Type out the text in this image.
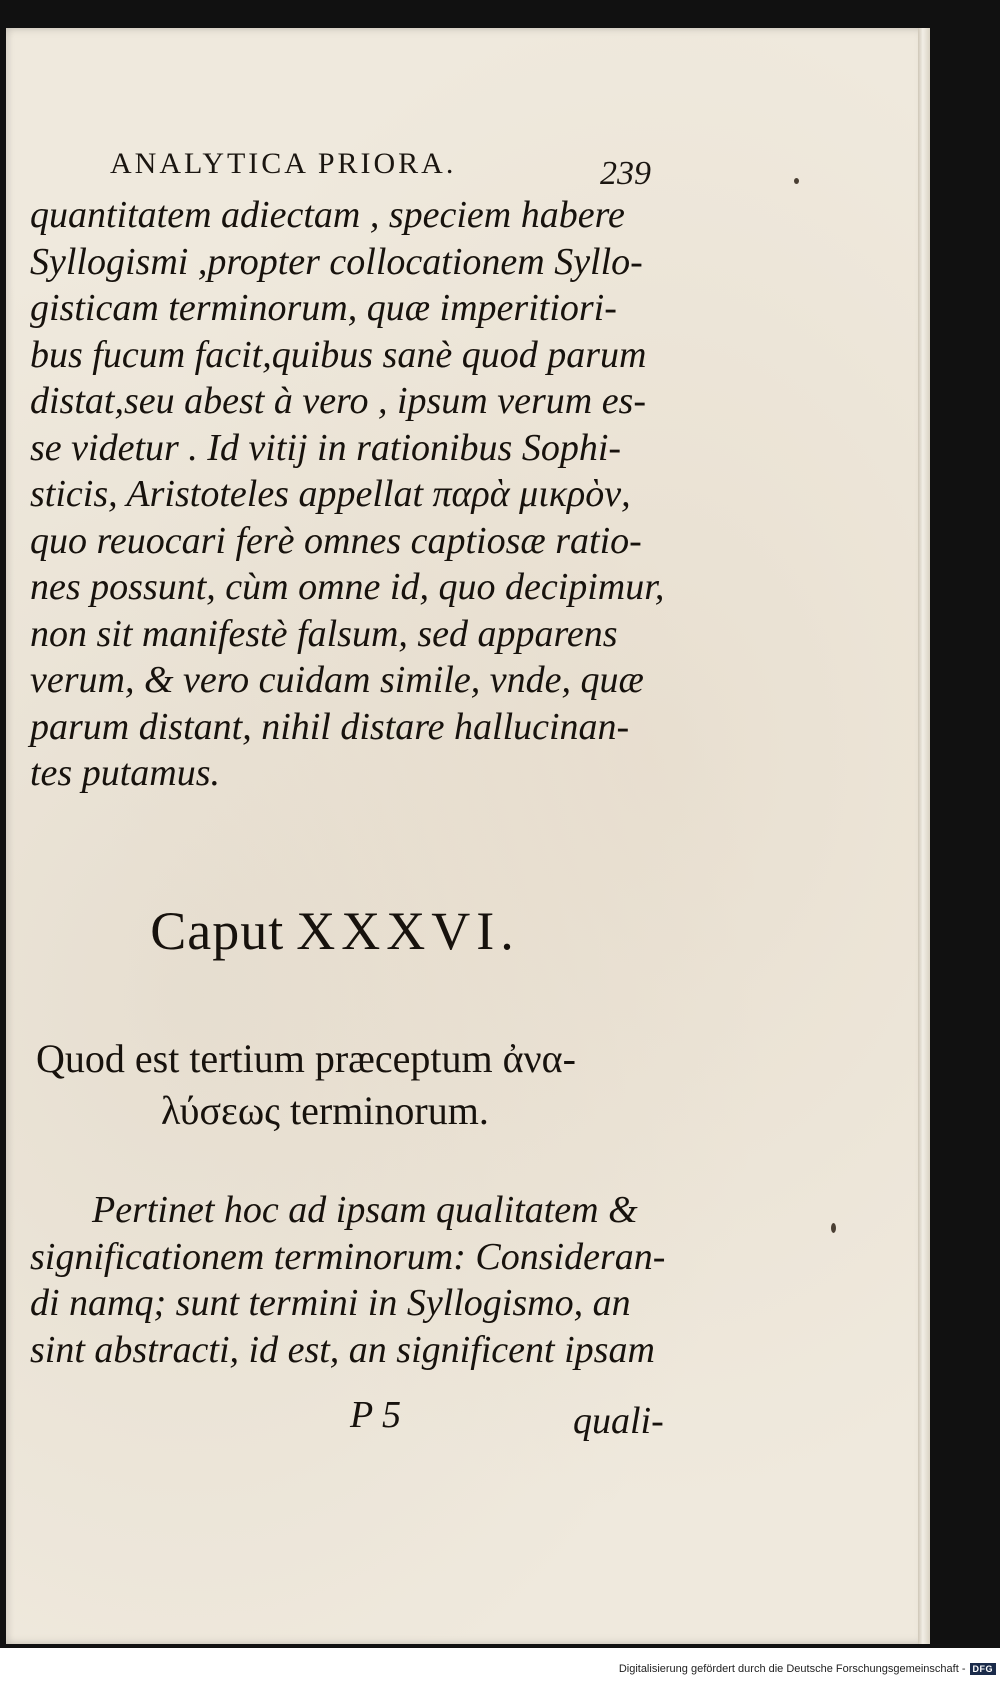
ANALYTICA PRIORA.	239
quantitatem adiectam , speciem habere
Syllogismi ,propter collocationem Syllo-
gisticam terminorum, quæ imperitiori-
bus fucum facit,quibus sanè quod parum
distat,seu abest à vero , ipsum verum es-
se videtur . Id vitij in rationibus Sophi-
sticis, Aristoteles appellat παρὰ μικρὸν,
quo reuocari ferè omnes captiosæ ratio-
nes possunt, cùm omne id, quo decipimur,
non sit manifestè falsum, sed apparens
verum, & vero cuidam simile, vnde, quæ
parum distant, nihil distare hallucinan-
tes putamus.
Caput XXXVI.
Quod est tertium præceptum ἀνα-
λύσεως terminorum.
Pertinet hoc ad ipsam qualitatem &
significationem terminorum: Consideran-
di namq; sunt termini in Syllogismo, an
sint abstracti, id est, an significent ipsam
P 5	quali-
Digitalisierung gefördert durch die Deutsche Forschungsgemeinschaft - DFG
